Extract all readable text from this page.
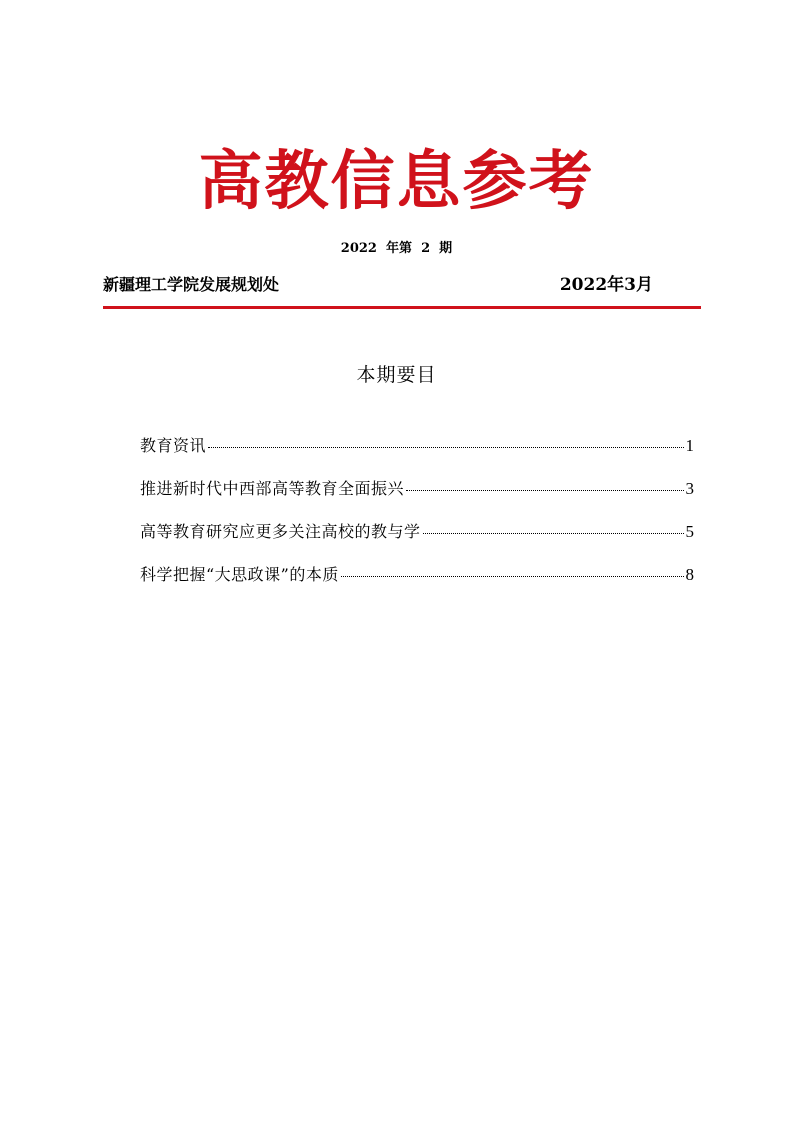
高教信息参考
2022  年第  2  期
新疆理工学院发展规划处	2022年3月
本期要目
教育资讯	1
推进新时代中西部高等教育全面振兴	3
高等教育研究应更多关注高校的教与学	5
科学把握“大思政课”的本质	8
